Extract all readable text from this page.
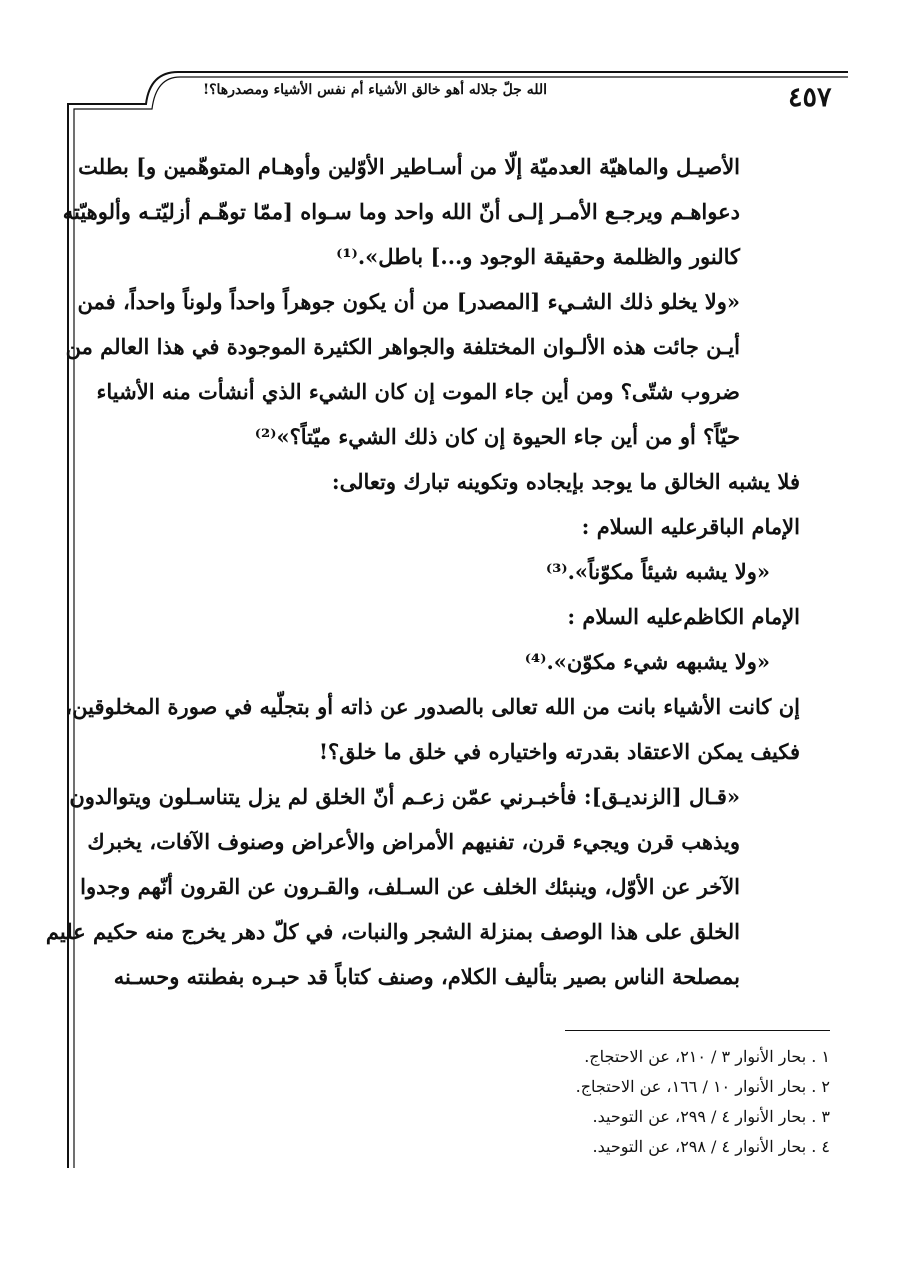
٤٥٧
الله جلّ جلاله أهو خالق الأشياء أم نفس الأشياء ومصدرها؟!
الأصيـل والماهيّة العدميّة إلّا من أسـاطير الأوّلين وأوهـام المتوهّمين و] بطلت
دعواهـم ويرجـع الأمـر إلـى أنّ الله واحد وما سـواه [ممّا توهّـم أزليّتـه وألوهيّته
كالنور والظلمة وحقيقة الوجود و...] باطل».⁽¹⁾
«ولا يخلو ذلك الشـيء [المصدر] من أن يكون جوهراً واحداً ولوناً واحداً، فمن
أيـن جائت هذه الألـوان المختلفة والجواهر الكثيرة الموجودة في هذا العالم من
ضروب شتّى؟ ومن أين جاء الموت إن كان الشيء الذي أنشأت منه الأشياء
حيّاً؟ أو من أين جاء الحيوة إن كان ذلك الشيء ميّتاً؟»⁽²⁾
فلا يشبه الخالق ما يوجد بإيجاده وتكوينه تبارك وتعالى:
الإمام الباقر‌عليه السلام :
«ولا يشبه شيئاً مكوّناً».⁽³⁾
الإمام الكاظم‌عليه السلام :
«ولا يشبهه شيء مكوّن».⁽⁴⁾
إن كانت الأشياء بانت من الله تعالى بالصدور عن ذاته أو بتجلّيه في صورة المخلوقين،
فكيف يمكن الاعتقاد بقدرته واختياره في خلق ما خلق؟!
«قـال [الزنديـق]: فأخبـرني عمّن زعـم أنّ الخلق لم يزل يتناسـلون ويتوالدون
ويذهب قرن ويجيء قرن، تفنيهم الأمراض والأعراض وصنوف الآفات، يخبرك
الآخر عن الأوّل، وينبئك الخلف عن السـلف، والقـرون عن القرون أنّهم وجدوا
الخلق على هذا الوصف بمنزلة الشجر والنبات، في كلّ دهر يخرج منه حكيم عليم
بمصلحة الناس بصير بتأليف الكلام، وصنف كتاباً قد حبـره بفطنته وحسـنه
١ . بحار الأنوار ٣ / ٢١٠، عن الاحتجاج.
٢ . بحار الأنوار ١٠ / ١٦٦، عن الاحتجاج.
٣ . بحار الأنوار ٤ / ٢٩٩، عن التوحيد.
٤ . بحار الأنوار ٤ / ٢٩٨، عن التوحيد.
